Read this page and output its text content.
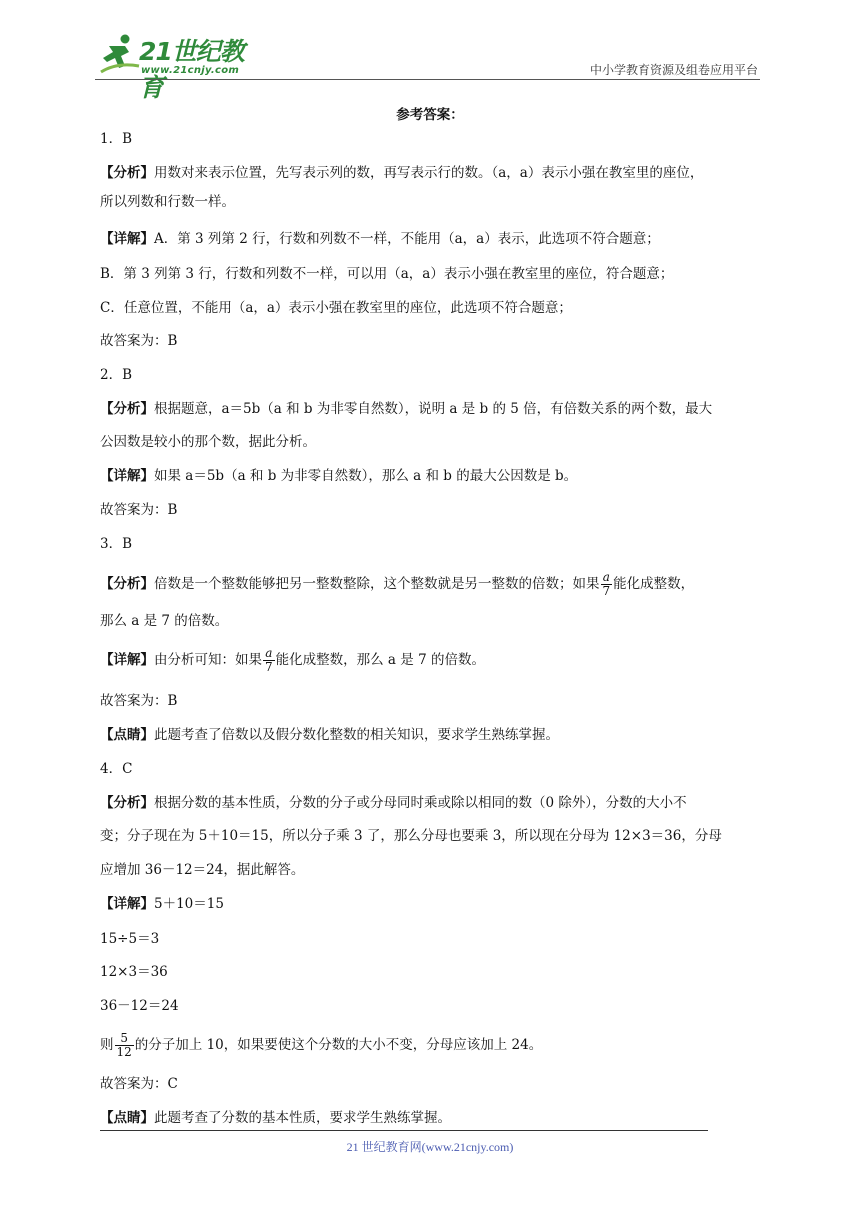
21世纪教育
www.21cnjy.com	中小学教育资源及组卷应用平台
参考答案：
1．B
【分析】用数对来表示位置，先写表示列的数，再写表示行的数。（a，a）表示小强在教室里的座位，
所以列数和行数一样。
【详解】A．第 3 列第 2 行，行数和列数不一样，不能用（a，a）表示，此选项不符合题意；
B．第 3 列第 3 行，行数和列数不一样，可以用（a，a）表示小强在教室里的座位，符合题意；
C．任意位置，不能用（a，a）表示小强在教室里的座位，此选项不符合题意；
故答案为：B
2．B
【分析】根据题意，a＝5b（a 和 b 为非零自然数），说明 a 是 b 的 5 倍，有倍数关系的两个数，最大
公因数是较小的那个数，据此分析。
【详解】如果 a＝5b（a 和 b 为非零自然数），那么 a 和 b 的最大公因数是 b。
故答案为：B
3．B
【分析】倍数是一个整数能够把另一整数整除，这个整数就是另一整数的倍数；如果 $\frac{a}{7}$ 能化成整数，
那么 a 是 7 的倍数。
【详解】由分析可知：如果 $\frac{a}{7}$ 能化成整数，那么 a 是 7 的倍数。
故答案为：B
【点睛】此题考查了倍数以及假分数化整数的相关知识，要求学生熟练掌握。
4．C
【分析】根据分数的基本性质，分数的分子或分母同时乘或除以相同的数（0 除外），分数的大小不
变；分子现在为 5＋10＝15，所以分子乘 3 了，那么分母也要乘 3，所以现在分母为 12×3＝36，分母
应增加 36－12＝24，据此解答。
【详解】5＋10＝15
15÷5＝3
12×3＝36
36－12＝24
则 $\frac{5}{12}$ 的分子加上 10，如果要使这个分数的大小不变，分母应该加上 24。
故答案为：C
【点睛】此题考查了分数的基本性质，要求学生熟练掌握。
21 世纪教育网(www.21cnjy.com)
